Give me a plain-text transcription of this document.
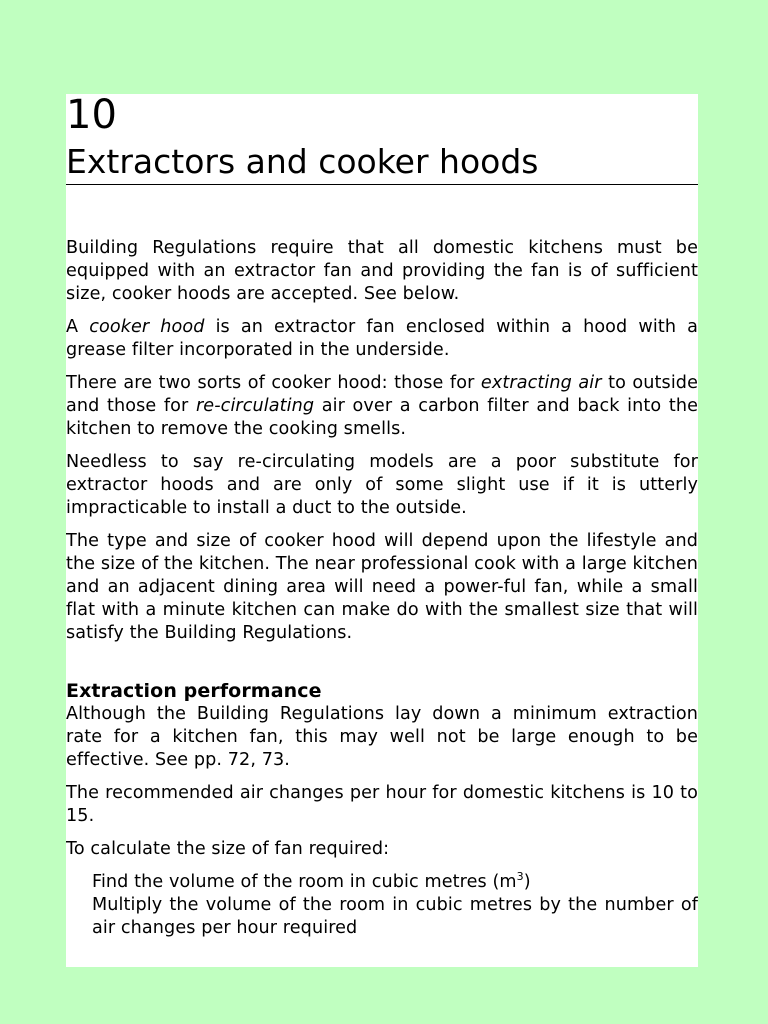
10
Extractors and cooker hoods

Building Regulations require that all domestic kitchens must be equipped with an extractor fan and providing the fan is of sufficient size, cooker hoods are accepted. See below.

A cooker hood is an extractor fan enclosed within a hood with a grease filter incorporated in the underside.

There are two sorts of cooker hood: those for extracting air to outside and those for re-circulating air over a carbon filter and back into the kitchen to remove the cooking smells.

Needless to say re-circulating models are a poor substitute for extractor hoods and are only of some slight use if it is utterly impracticable to install a duct to the outside.

The type and size of cooker hood will depend upon the lifestyle and the size of the kitchen. The near professional cook with a large kitchen and an adjacent dining area will need a power-ful fan, while a small flat with a minute kitchen can make do with the smallest size that will satisfy the Building Regulations.

Extraction performance

Although the Building Regulations lay down a minimum extraction rate for a kitchen fan, this may well not be large enough to be effective. See pp. 72, 73.

The recommended air changes per hour for domestic kitchens is 10 to 15.

To calculate the size of fan required:

Find the volume of the room in cubic metres $(m^3)$
Multiply the volume of the room in cubic metres by the number of air changes per hour required
